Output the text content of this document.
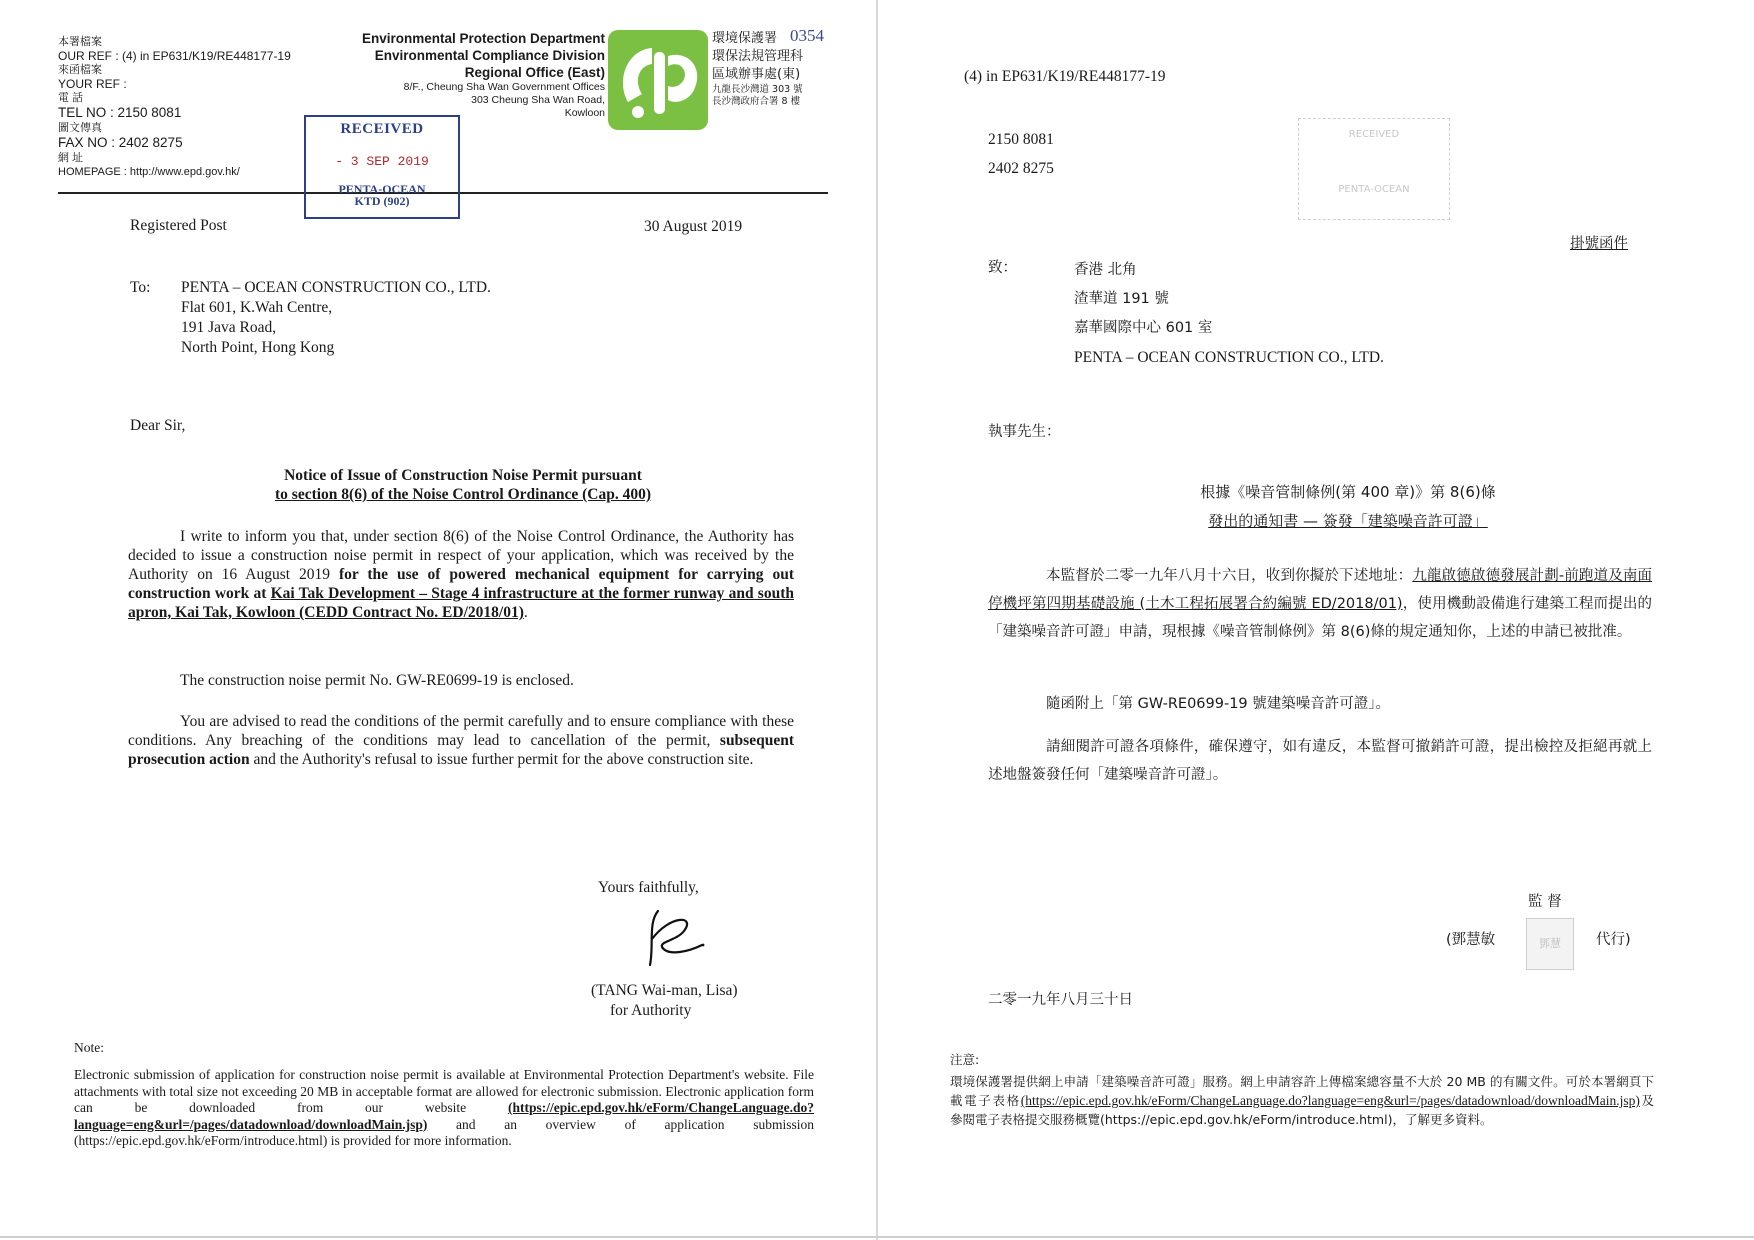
本署檔案
OUR REF : (4) in EP631/K19/RE448177-19
來函檔案
YOUR REF :
電 話
TEL NO : 2150 8081
圖文傳真
FAX NO : 2402 8275
網 址
HOMEPAGE : http://www.epd.gov.hk/
Environmental Protection Department
Environmental Compliance Division
Regional Office (East)
8/F., Cheung Sha Wan Government Offices
303 Cheung Sha Wan Road,
Kowloon
環境保護署
環保法規管理科
區域辦事處(東)
九龍長沙灣道 303 號
長沙灣政府合署 8 樓
0354
RECEIVED
- 3 SEP 2019
PENTA-OCEAN
KTD (902)
Registered Post	30 August 2019
To: PENTA – OCEAN CONSTRUCTION CO., LTD.
Flat 601, K.Wah Centre,
191 Java Road,
North Point, Hong Kong
Dear Sir,
Notice of Issue of Construction Noise Permit pursuant
to section 8(6) of the Noise Control Ordinance (Cap. 400)
I write to inform you that, under section 8(6) of the Noise Control Ordinance, the Authority has decided to issue a construction noise permit in respect of your application, which was received by the Authority on 16 August 2019 for the use of powered mechanical equipment for carrying out construction work at Kai Tak Development – Stage 4 infrastructure at the former runway and south apron, Kai Tak, Kowloon (CEDD Contract No. ED/2018/01).
The construction noise permit No. GW-RE0699-19 is enclosed.
You are advised to read the conditions of the permit carefully and to ensure compliance with these conditions. Any breaching of the conditions may lead to cancellation of the permit, subsequent prosecution action and the Authority's refusal to issue further permit for the above construction site.
Yours faithfully,
(TANG Wai-man, Lisa)
for Authority
Note:
Electronic submission of application for construction noise permit is available at Environmental Protection Department's website. File attachments with total size not exceeding 20 MB in acceptable format are allowed for electronic submission. Electronic application form can be downloaded from our website (https://epic.epd.gov.hk/eForm/ChangeLanguage.do?language=eng&url=/pages/datadownload/downloadMain.jsp) and an overview of application submission (https://epic.epd.gov.hk/eForm/introduce.html) is provided for more information.
(4) in EP631/K19/RE448177-19
2150 8081
2402 8275
RECEIVED
PENTA-OCEAN
掛號函件
致：	香港 北角
渣華道 191 號
嘉華國際中心 601 室
PENTA – OCEAN CONSTRUCTION CO., LTD.
執事先生：
根據《噪音管制條例(第 400 章)》第 8(6)條
發出的通知書 — 簽發「建築噪音許可證」
本監督於二零一九年八月十六日，收到你擬於下述地址：九龍啟德啟德發展計劃-前跑道及南面停機坪第四期基礎設施 (土木工程拓展署合約編號 ED/2018/01)，使用機動設備進行建築工程而提出的「建築噪音許可證」申請，現根據《噪音管制條例》第 8(6)條的規定通知你，上述的申請已被批准。
隨函附上「第 GW-RE0699-19 號建築噪音許可證」。
請細閱許可證各項條件，確保遵守，如有違反，本監督可撤銷許可證，提出檢控及拒絕再就上述地盤簽發任何「建築噪音許可證」。
監 督
(鄧慧敏	鄧慧	代行)
二零一九年八月三十日
注意:
環境保護署提供網上申請「建築噪音許可證」服務。網上申請容許上傳檔案總容量不大於 20 MB 的有關文件。可於本署網頁下載電子表格(https://epic.epd.gov.hk/eForm/ChangeLanguage.do?language=eng&url=/pages/datadownload/downloadMain.jsp)及參閱電子表格提交服務概覽(https://epic.epd.gov.hk/eForm/introduce.html)，了解更多資料。
